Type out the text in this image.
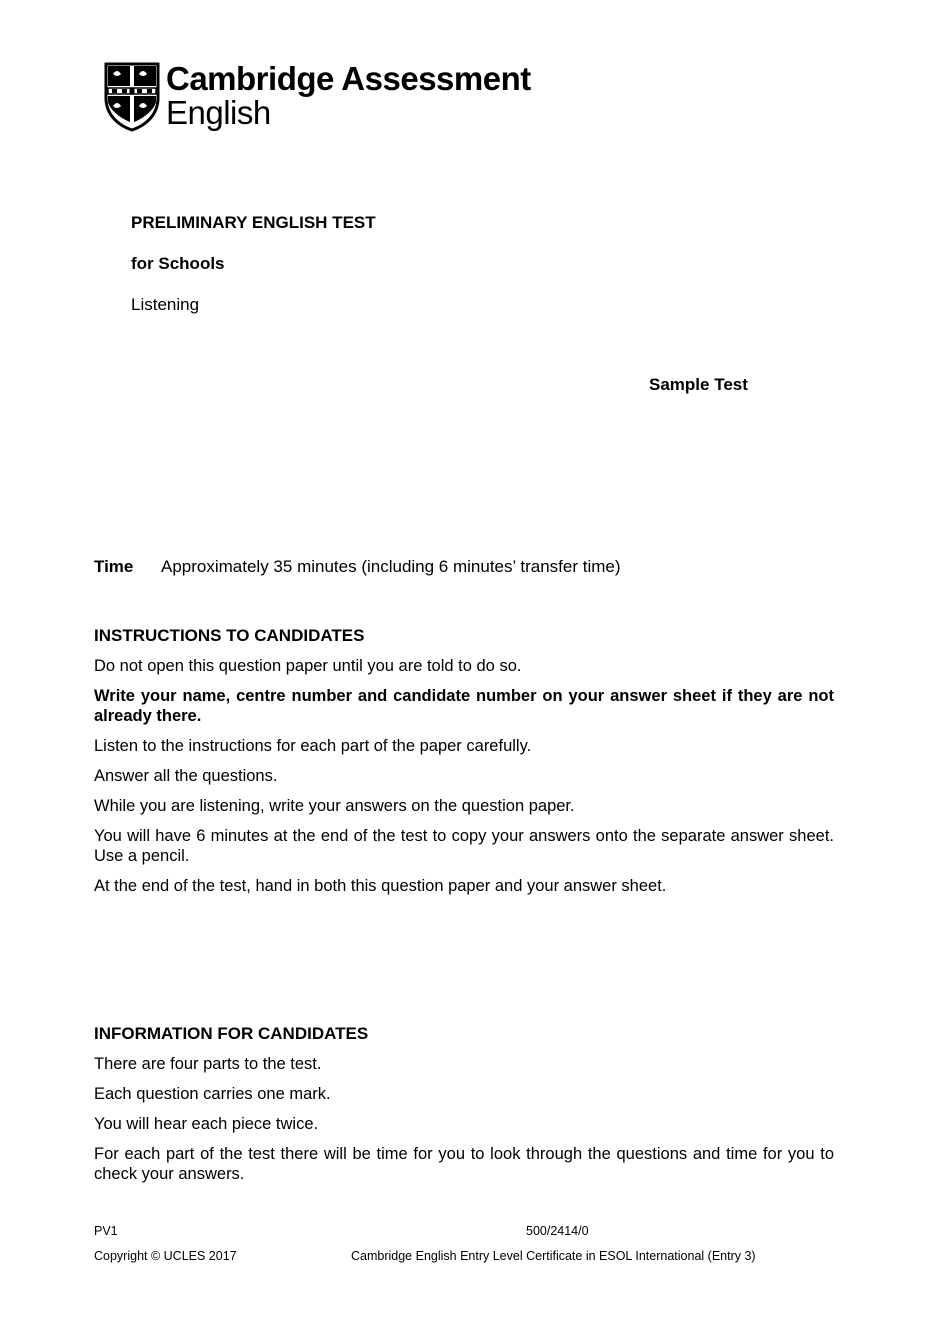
Cambridge Assessment
English
PRELIMINARY ENGLISH TEST
for Schools
Listening
Sample Test
Time Approximately 35 minutes (including 6 minutes’ transfer time)
INSTRUCTIONS TO CANDIDATES
Do not open this question paper until you are told to do so.
Write your name, centre number and candidate number on your answer sheet if they are not already there.
Listen to the instructions for each part of the paper carefully.
Answer all the questions.
While you are listening, write your answers on the question paper.
You will have 6 minutes at the end of the test to copy your answers onto the separate answer sheet. Use a pencil.
At the end of the test, hand in both this question paper and your answer sheet.
INFORMATION FOR CANDIDATES
There are four parts to the test.
Each question carries one mark.
You will hear each piece twice.
For each part of the test there will be time for you to look through the questions and time for you to check your answers.
PV1	500/2414/0
Copyright © UCLES 2017	Cambridge English Entry Level Certificate in ESOL International (Entry 3)
